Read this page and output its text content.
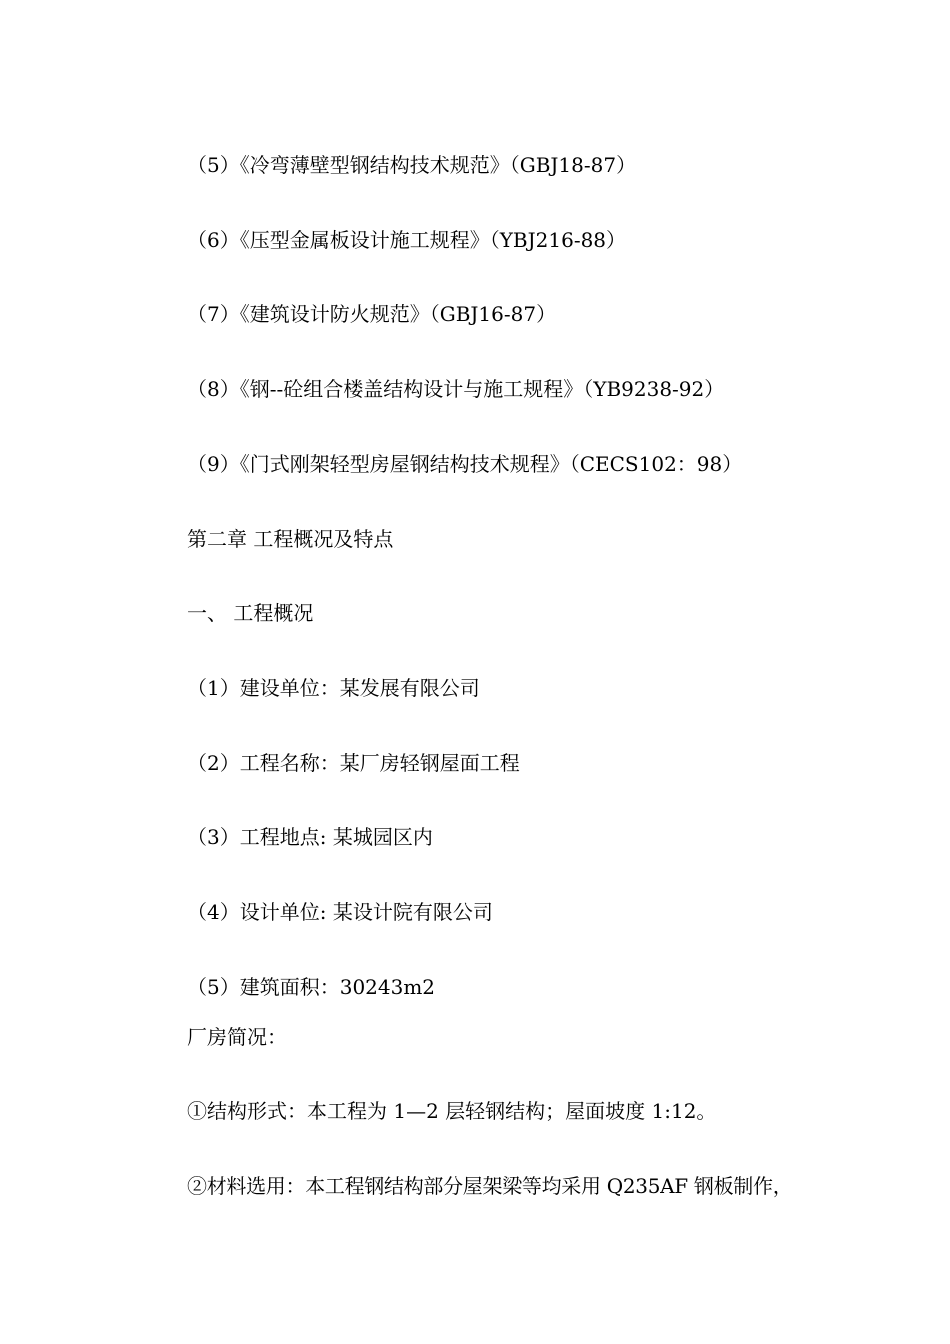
（5）《冷弯薄壁型钢结构技术规范》（GBJ18-87）
（6）《压型金属板设计施工规程》（YBJ216-88）
（7）《建筑设计防火规范》（GBJ16-87）
（8）《钢--砼组合楼盖结构设计与施工规程》（YB9238-92）
（9）《门式刚架轻型房屋钢结构技术规程》（CECS102：98）
第二章 工程概况及特点
一、 工程概况
（1）建设单位：某发展有限公司
（2）工程名称：某厂房轻钢屋面工程
（3）工程地点: 某城园区内
（4）设计单位: 某设计院有限公司
（5）建筑面积：30243m2
厂房简况：
①结构形式：本工程为 1—2 层轻钢结构；屋面坡度 1:12。
②材料选用：本工程钢结构部分屋架梁等均采用 Q235AF 钢板制作，
